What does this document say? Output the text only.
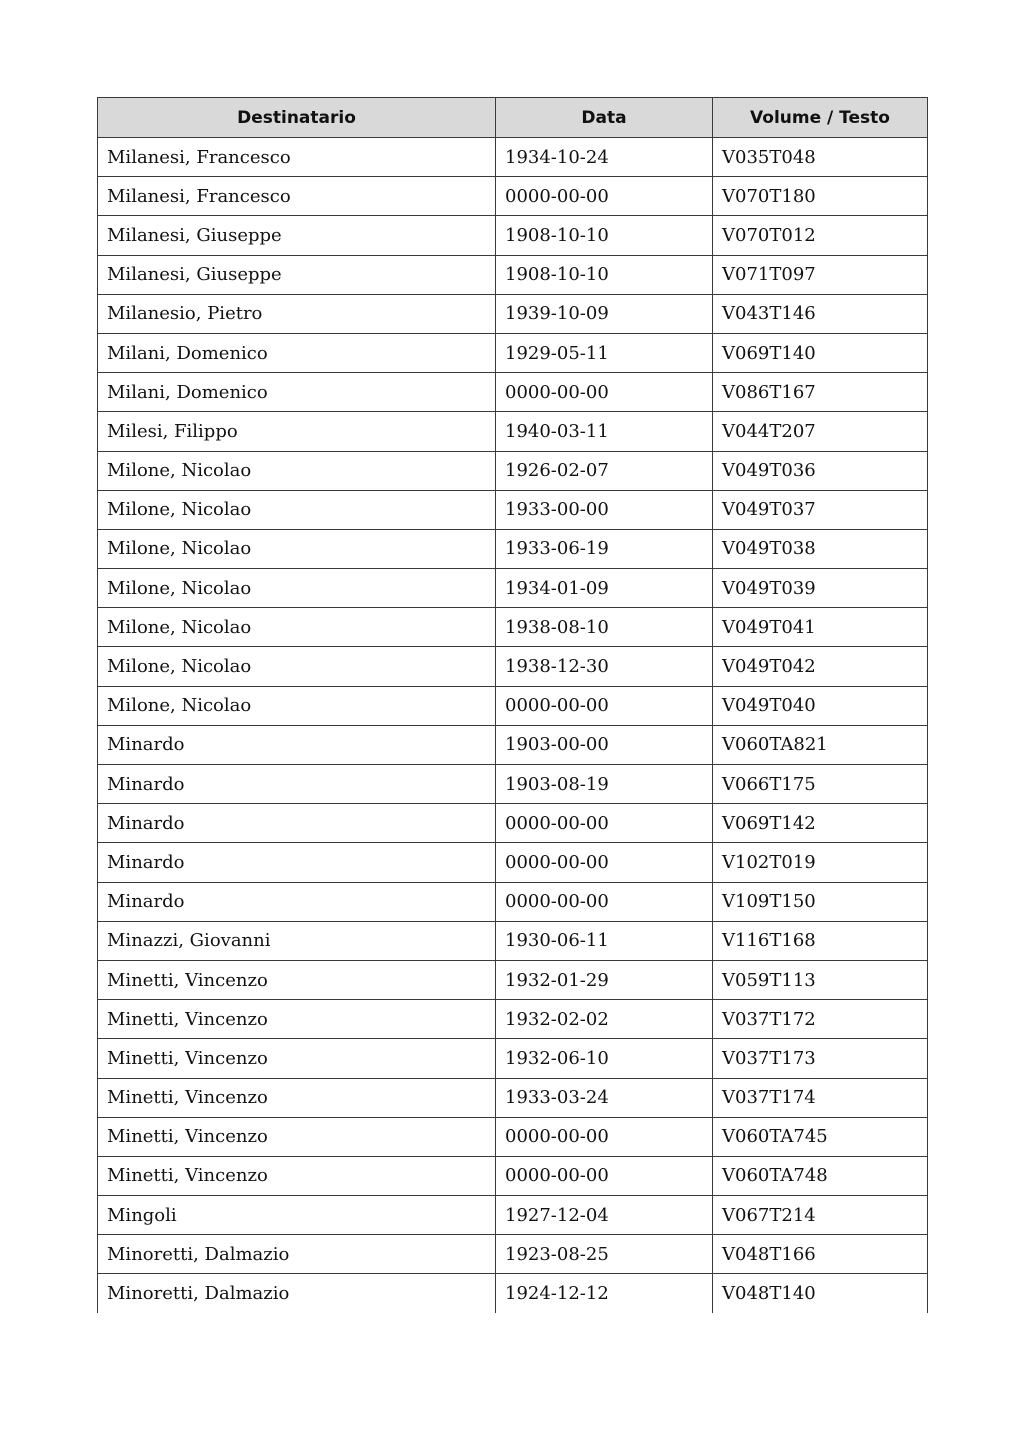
Destinatario	Data	Volume / Testo
Milanesi, Francesco	1934-10-24	V035T048
Milanesi, Francesco	0000-00-00	V070T180
Milanesi, Giuseppe	1908-10-10	V070T012
Milanesi, Giuseppe	1908-10-10	V071T097
Milanesio, Pietro	1939-10-09	V043T146
Milani, Domenico	1929-05-11	V069T140
Milani, Domenico	0000-00-00	V086T167
Milesi, Filippo	1940-03-11	V044T207
Milone, Nicolao	1926-02-07	V049T036
Milone, Nicolao	1933-00-00	V049T037
Milone, Nicolao	1933-06-19	V049T038
Milone, Nicolao	1934-01-09	V049T039
Milone, Nicolao	1938-08-10	V049T041
Milone, Nicolao	1938-12-30	V049T042
Milone, Nicolao	0000-00-00	V049T040
Minardo	1903-00-00	V060TA821
Minardo	1903-08-19	V066T175
Minardo	0000-00-00	V069T142
Minardo	0000-00-00	V102T019
Minardo	0000-00-00	V109T150
Minazzi, Giovanni	1930-06-11	V116T168
Minetti, Vincenzo	1932-01-29	V059T113
Minetti, Vincenzo	1932-02-02	V037T172
Minetti, Vincenzo	1932-06-10	V037T173
Minetti, Vincenzo	1933-03-24	V037T174
Minetti, Vincenzo	0000-00-00	V060TA745
Minetti, Vincenzo	0000-00-00	V060TA748
Mingoli	1927-12-04	V067T214
Minoretti, Dalmazio	1923-08-25	V048T166
Minoretti, Dalmazio	1924-12-12	V048T140
